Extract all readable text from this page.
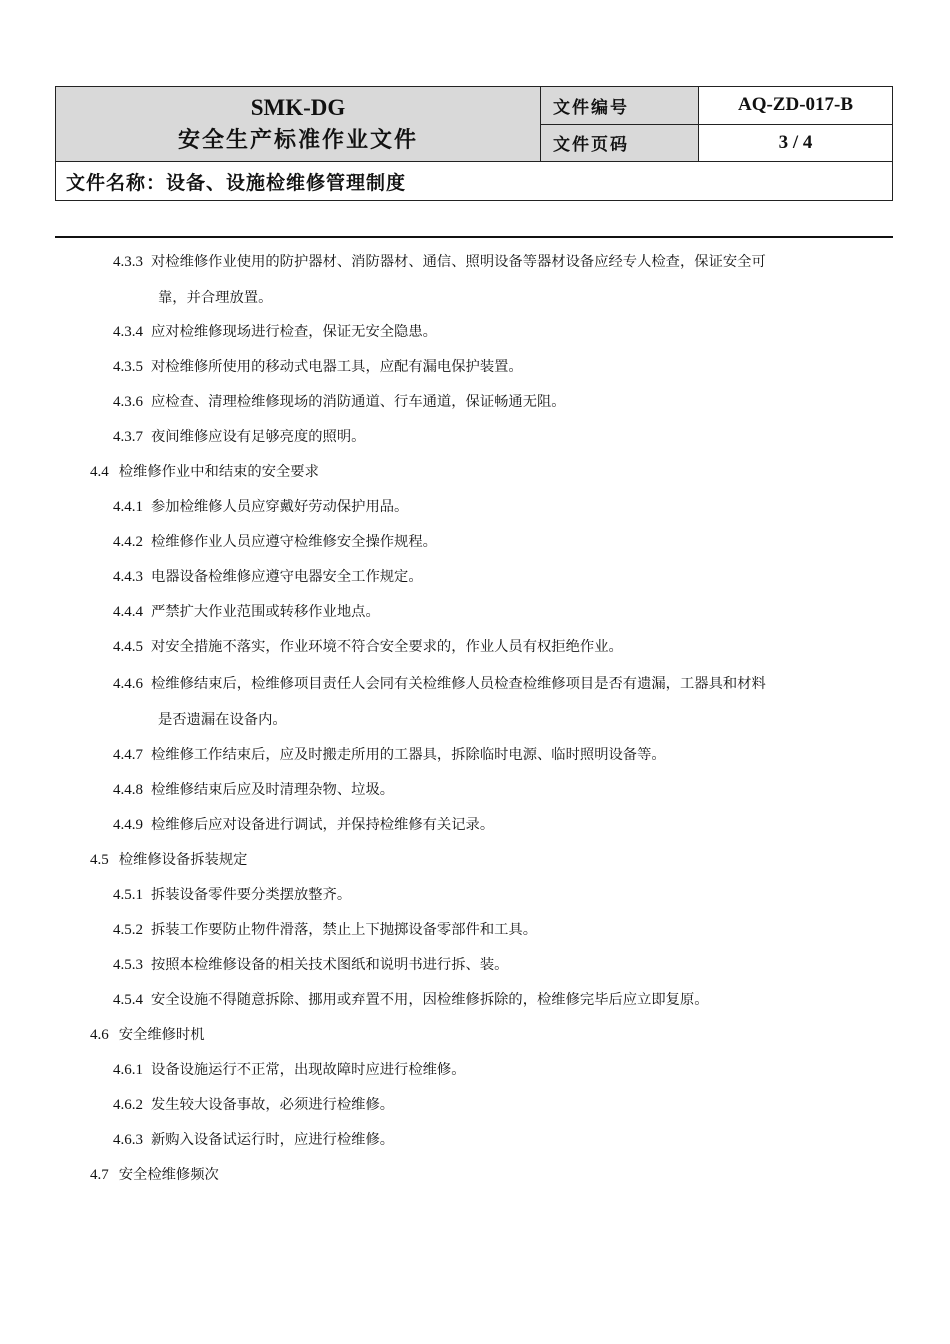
SMK-DG
安全生产标准作业文件	文件编号	AQ-ZD-017-B
	文件页码	3 / 4
文件名称：设备、设施检维修管理制度		
4.3.3 对检维修作业使用的防护器材、消防器材、通信、照明设备等器材设备应经专人检查，保证安全可
靠，并合理放置。
4.3.4 应对检维修现场进行检查，保证无安全隐患。
4.3.5 对检维修所使用的移动式电器工具，应配有漏电保护装置。
4.3.6 应检查、清理检维修现场的消防通道、行车通道，保证畅通无阻。
4.3.7 夜间维修应设有足够亮度的照明。
4.4 检维修作业中和结束的安全要求
4.4.1 参加检维修人员应穿戴好劳动保护用品。
4.4.2 检维修作业人员应遵守检维修安全操作规程。
4.4.3 电器设备检维修应遵守电器安全工作规定。
4.4.4 严禁扩大作业范围或转移作业地点。
4.4.5 对安全措施不落实，作业环境不符合安全要求的，作业人员有权拒绝作业。
4.4.6 检维修结束后，检维修项目责任人会同有关检维修人员检查检维修项目是否有遗漏，工器具和材料
是否遗漏在设备内。
4.4.7 检维修工作结束后，应及时搬走所用的工器具，拆除临时电源、临时照明设备等。
4.4.8 检维修结束后应及时清理杂物、垃圾。
4.4.9 检维修后应对设备进行调试，并保持检维修有关记录。
4.5 检维修设备拆装规定
4.5.1 拆装设备零件要分类摆放整齐。
4.5.2 拆装工作要防止物件滑落，禁止上下抛掷设备零部件和工具。
4.5.3 按照本检维修设备的相关技术图纸和说明书进行拆、装。
4.5.4 安全设施不得随意拆除、挪用或弃置不用，因检维修拆除的，检维修完毕后应立即复原。
4.6 安全维修时机
4.6.1 设备设施运行不正常，出现故障时应进行检维修。
4.6.2 发生较大设备事故，必须进行检维修。
4.6.3 新购入设备试运行时，应进行检维修。
4.7 安全检维修频次
